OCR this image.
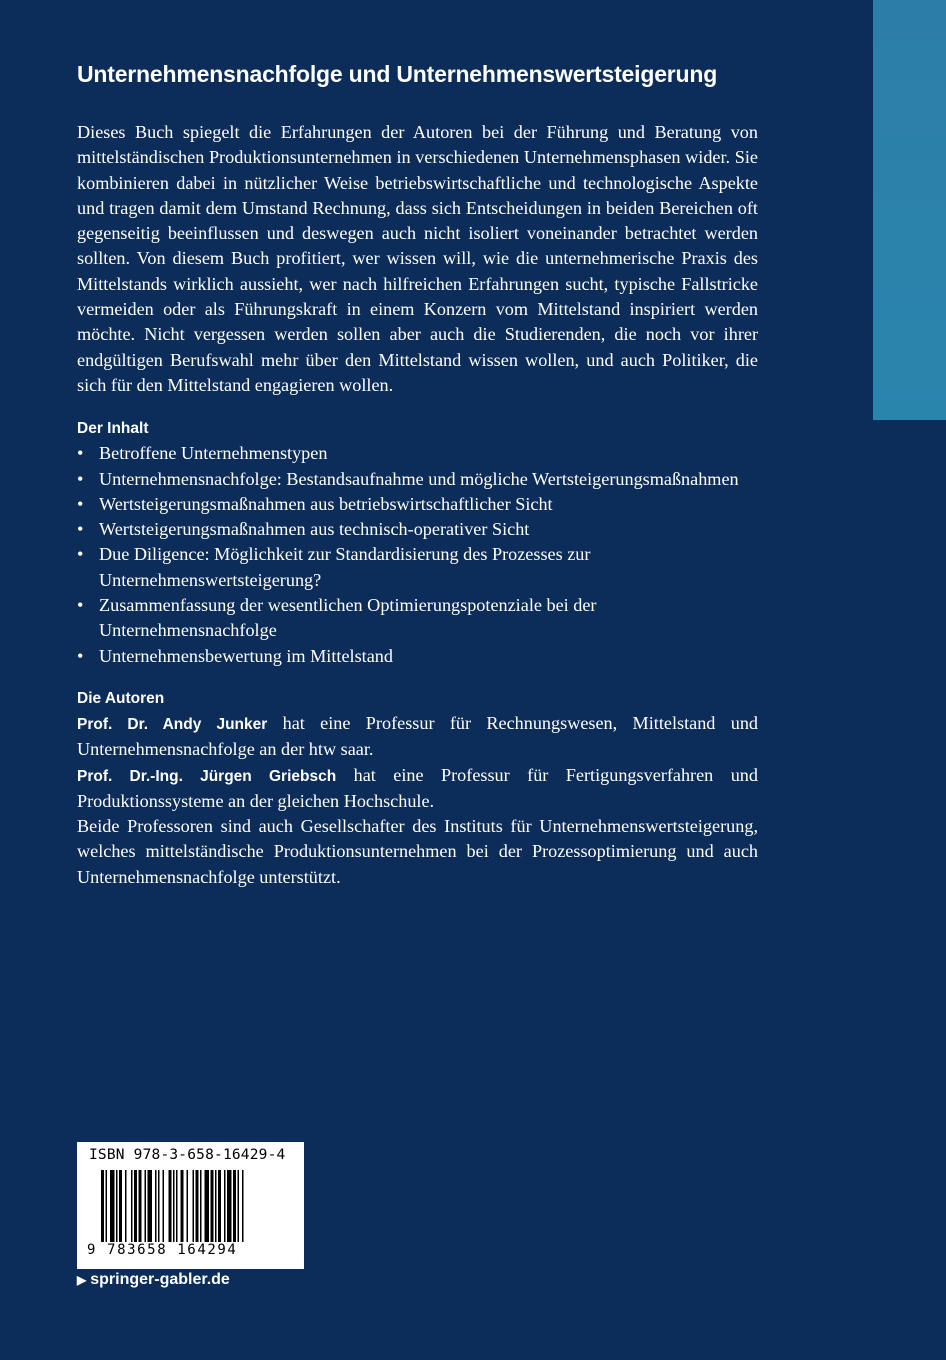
Unternehmensnachfolge und Unternehmenswertsteigerung

Dieses Buch spiegelt die Erfahrungen der Autoren bei der Führung und Beratung von mittelständischen Produktionsunternehmen in verschiedenen Unternehmensphasen wider. Sie kombinieren dabei in nützlicher Weise betriebswirtschaftliche und technologische Aspekte und tragen damit dem Umstand Rechnung, dass sich Entscheidungen in beiden Bereichen oft gegenseitig beeinflussen und deswegen auch nicht isoliert voneinander betrachtet werden sollten. Von diesem Buch profitiert, wer wissen will, wie die unternehmerische Praxis des Mittelstands wirklich aussieht, wer nach hilfreichen Erfahrungen sucht, typische Fallstricke vermeiden oder als Führungskraft in einem Konzern vom Mittelstand inspiriert werden möchte. Nicht vergessen werden sollen aber auch die Studierenden, die noch vor ihrer endgültigen Berufswahl mehr über den Mittelstand wissen wollen, und auch Politiker, die sich für den Mittelstand engagieren wollen.

Der Inhalt
• Betroffene Unternehmenstypen
• Unternehmensnachfolge: Bestandsaufnahme und mögliche Wertsteigerungsmaßnahmen
• Wertsteigerungsmaßnahmen aus betriebswirtschaftlicher Sicht
• Wertsteigerungsmaßnahmen aus technisch-operativer Sicht
• Due Diligence: Möglichkeit zur Standardisierung des Prozesses zur Unternehmenswertsteigerung?
• Zusammenfassung der wesentlichen Optimierungspotenziale bei der Unternehmensnachfolge
• Unternehmensbewertung im Mittelstand
Die Autoren

Prof. Dr. Andy Junker hat eine Professur für Rechnungswesen, Mittelstand und Unternehmensnachfolge an der htw saar.

Prof. Dr.-Ing. Jürgen Griebsch hat eine Professur für Fertigungsverfahren und Produktionssysteme an der gleichen Hochschule.

Beide Professoren sind auch Gesellschafter des Instituts für Unternehmenswertsteigerung, welches mittelständische Produktionsunternehmen bei der Prozessoptimierung und auch Unternehmensnachfolge unterstützt.

ISBN 978-3-658-16429-4
9 783658 164294
▶ springer-gabler.de
